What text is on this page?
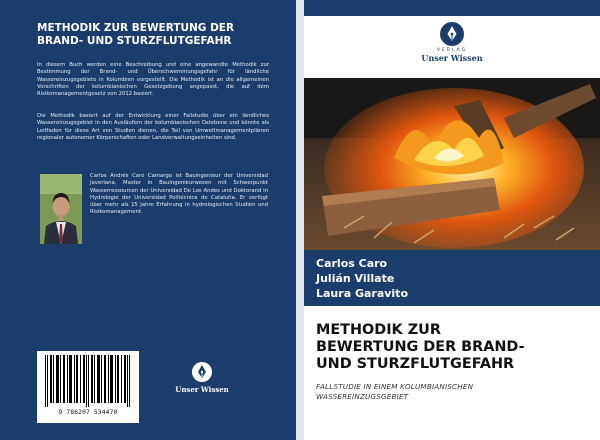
METHODIK ZUR BEWERTUNG DER
BRAND- UND STURZFLUTGEFAHR
In diesem Buch werden eine Beschreibung und eine angewandte Methodik zur Bestimmung der Brand- und Überschwemmungsgefahr für ländliche Wassereinzugsgebiete in Kolumbien vorgestellt. Die Methodik ist an die allgemeinen Vorschriften der kolumbianischen Gesetzgebung angepasst, die auf dem Risikomanagementgesetz von 2012 basiert.
Die Methodik basiert auf der Entwicklung einer Fallstudie über ein ländliches Wassereinzugsgebiet in den Ausläufern der kolumbianischen Ostebene und könnte als Leitfaden für diese Art von Studien dienen, die Teil von Umweltmanagementplänen regionaler autonomer Körperschaften oder Landverwaltungseinheiten sind.
Carlos Andrés Caro Camargo ist Bauingenieur der Universidad Javeriana, Master in Bauingenieurwesen mit Schwerpunkt Wasserressourcen der Universidad De Los Andes und Doktorand in Hydrologie der Universidad Politécnica de Cataluña. Er verfügt über mehr als 15 Jahre Erfahrung in hydrologischen Studien und Risikomanagement.
9 786207 534470
Unser Wissen
VERLAG
Unser Wissen
Carlos Caro
Julián Villate
Laura Garavito
METHODIK ZUR
BEWERTUNG DER BRAND-
UND STURZFLUTGEFAHR
FALLSTUDIE IN EINEM KOLUMBIANISCHEN
WASSEREINZUGSGEBIET
